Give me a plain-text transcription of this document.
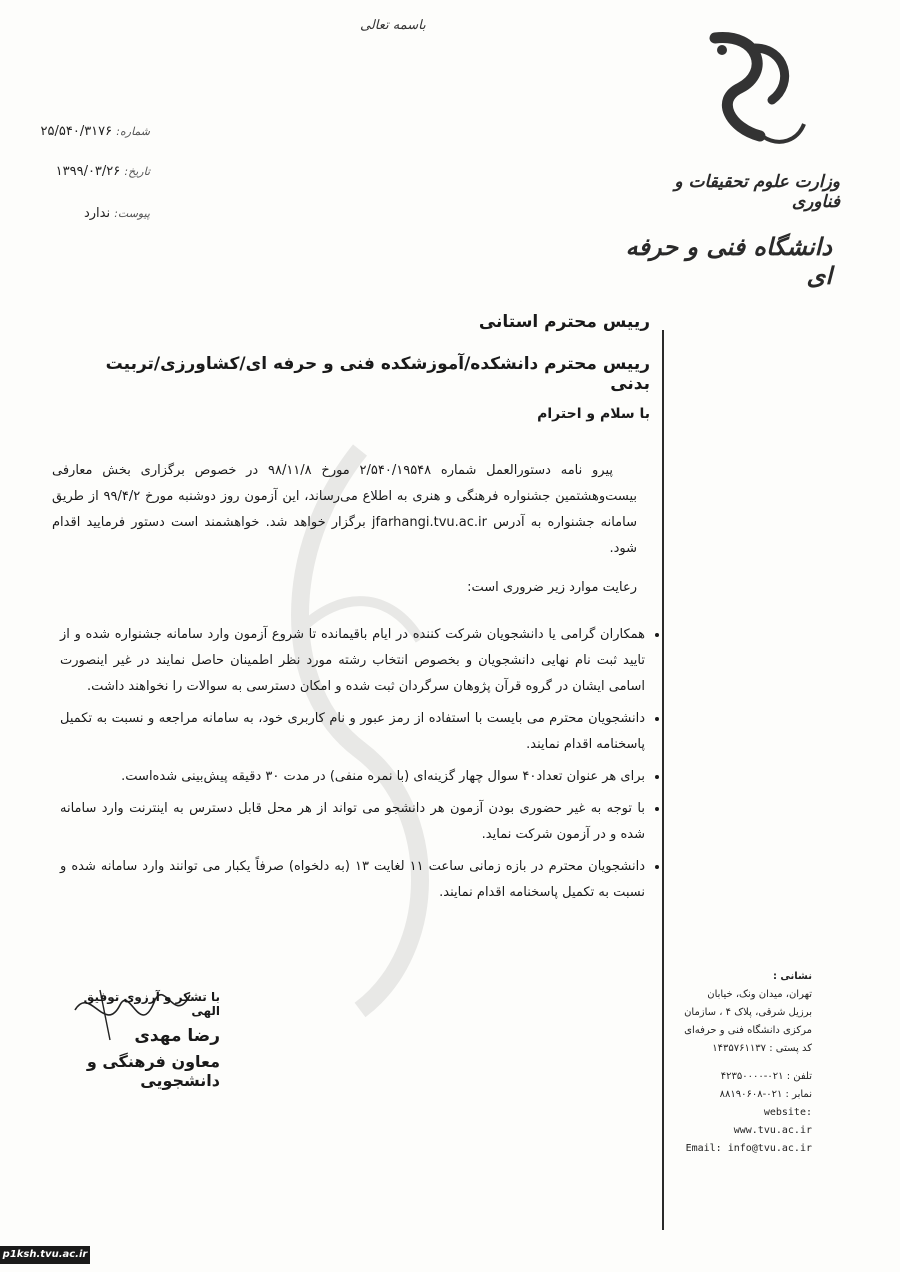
باسمه تعالی
شماره: ۲۵/۵۴۰/۳۱۷۶
تاریخ: ۱۳۹۹/۰۳/۲۶
پیوست: ندارد
وزارت علوم تحقیقات و فناوری
دانشگاه فنی و حرفه ای
رییس محترم استانی
رییس محترم دانشکده/آموزشکده فنی و حرفه ای/کشاورزی/تربیت بدنی
با سلام و احترام
پیرو نامه دستورالعمل شماره ۲/۵۴۰/۱۹۵۴۸ مورخ ۹۸/۱۱/۸ در خصوص برگزاری بخش معارفی بیست‌وهشتمین جشنواره فرهنگی و هنری به اطلاع می‌رساند، این آزمون روز دوشنبه مورخ ۹۹/۴/۲ از طریق سامانه جشنواره به آدرس jfarhangi.tvu.ac.ir برگزار خواهد شد. خواهشمند است دستور فرمایید اقدام شود.
رعایت موارد زیر ضروری است:
• همکاران گرامی یا دانشجویان شرکت کننده در ایام باقیمانده تا شروع آزمون وارد سامانه جشنواره شده و از تایید ثبت نام نهایی دانشجویان و بخصوص انتخاب رشته مورد نظر اطمینان حاصل نمایند در غیر اینصورت اسامی ایشان در گروه قرآن پژوهان سرگردان ثبت شده و امکان دسترسی به سوالات را نخواهند داشت.
• دانشجویان محترم می بایست با استفاده از رمز عبور و نام کاربری خود، به سامانه مراجعه و نسبت به تکمیل پاسخنامه اقدام نمایند.
• برای هر عنوان تعداد۴۰ سوال چهار گزینه‌ای (با نمره منفی) در مدت ۳۰ دقیقه پیش‌بینی شده‌است.
• با توجه به غیر حضوری بودن آزمون هر دانشجو می تواند از هر محل قابل دسترس به اینترنت وارد سامانه شده و در آزمون شرکت نماید.
• دانشجویان محترم در بازه زمانی ساعت ۱۱ لغایت ۱۳ (به دلخواه) صرفاً یکبار می توانند وارد سامانه شده و نسبت به تکمیل پاسخنامه اقدام نمایند.
با تشکر و آرزوی توفیق الهی
رضا مهدی
معاون فرهنگی و دانشجویی
نشانی :
تهران، میدان ونک، خیابان
برزیل شرقی، پلاک ۴ ، سازمان
مرکزی دانشگاه فنی و حرفه‌ای
کد پستی : ۱۴۳۵۷۶۱۱۳۷
تلفن : ۰۲۱-۴۲۳۵۰۰۰۰
نمابر : ۰۲۱-۸۸۱۹۰۶۰۸
website: www.tvu.ac.ir
Email: info@tvu.ac.ir
p1ksh.tvu.ac.ir
